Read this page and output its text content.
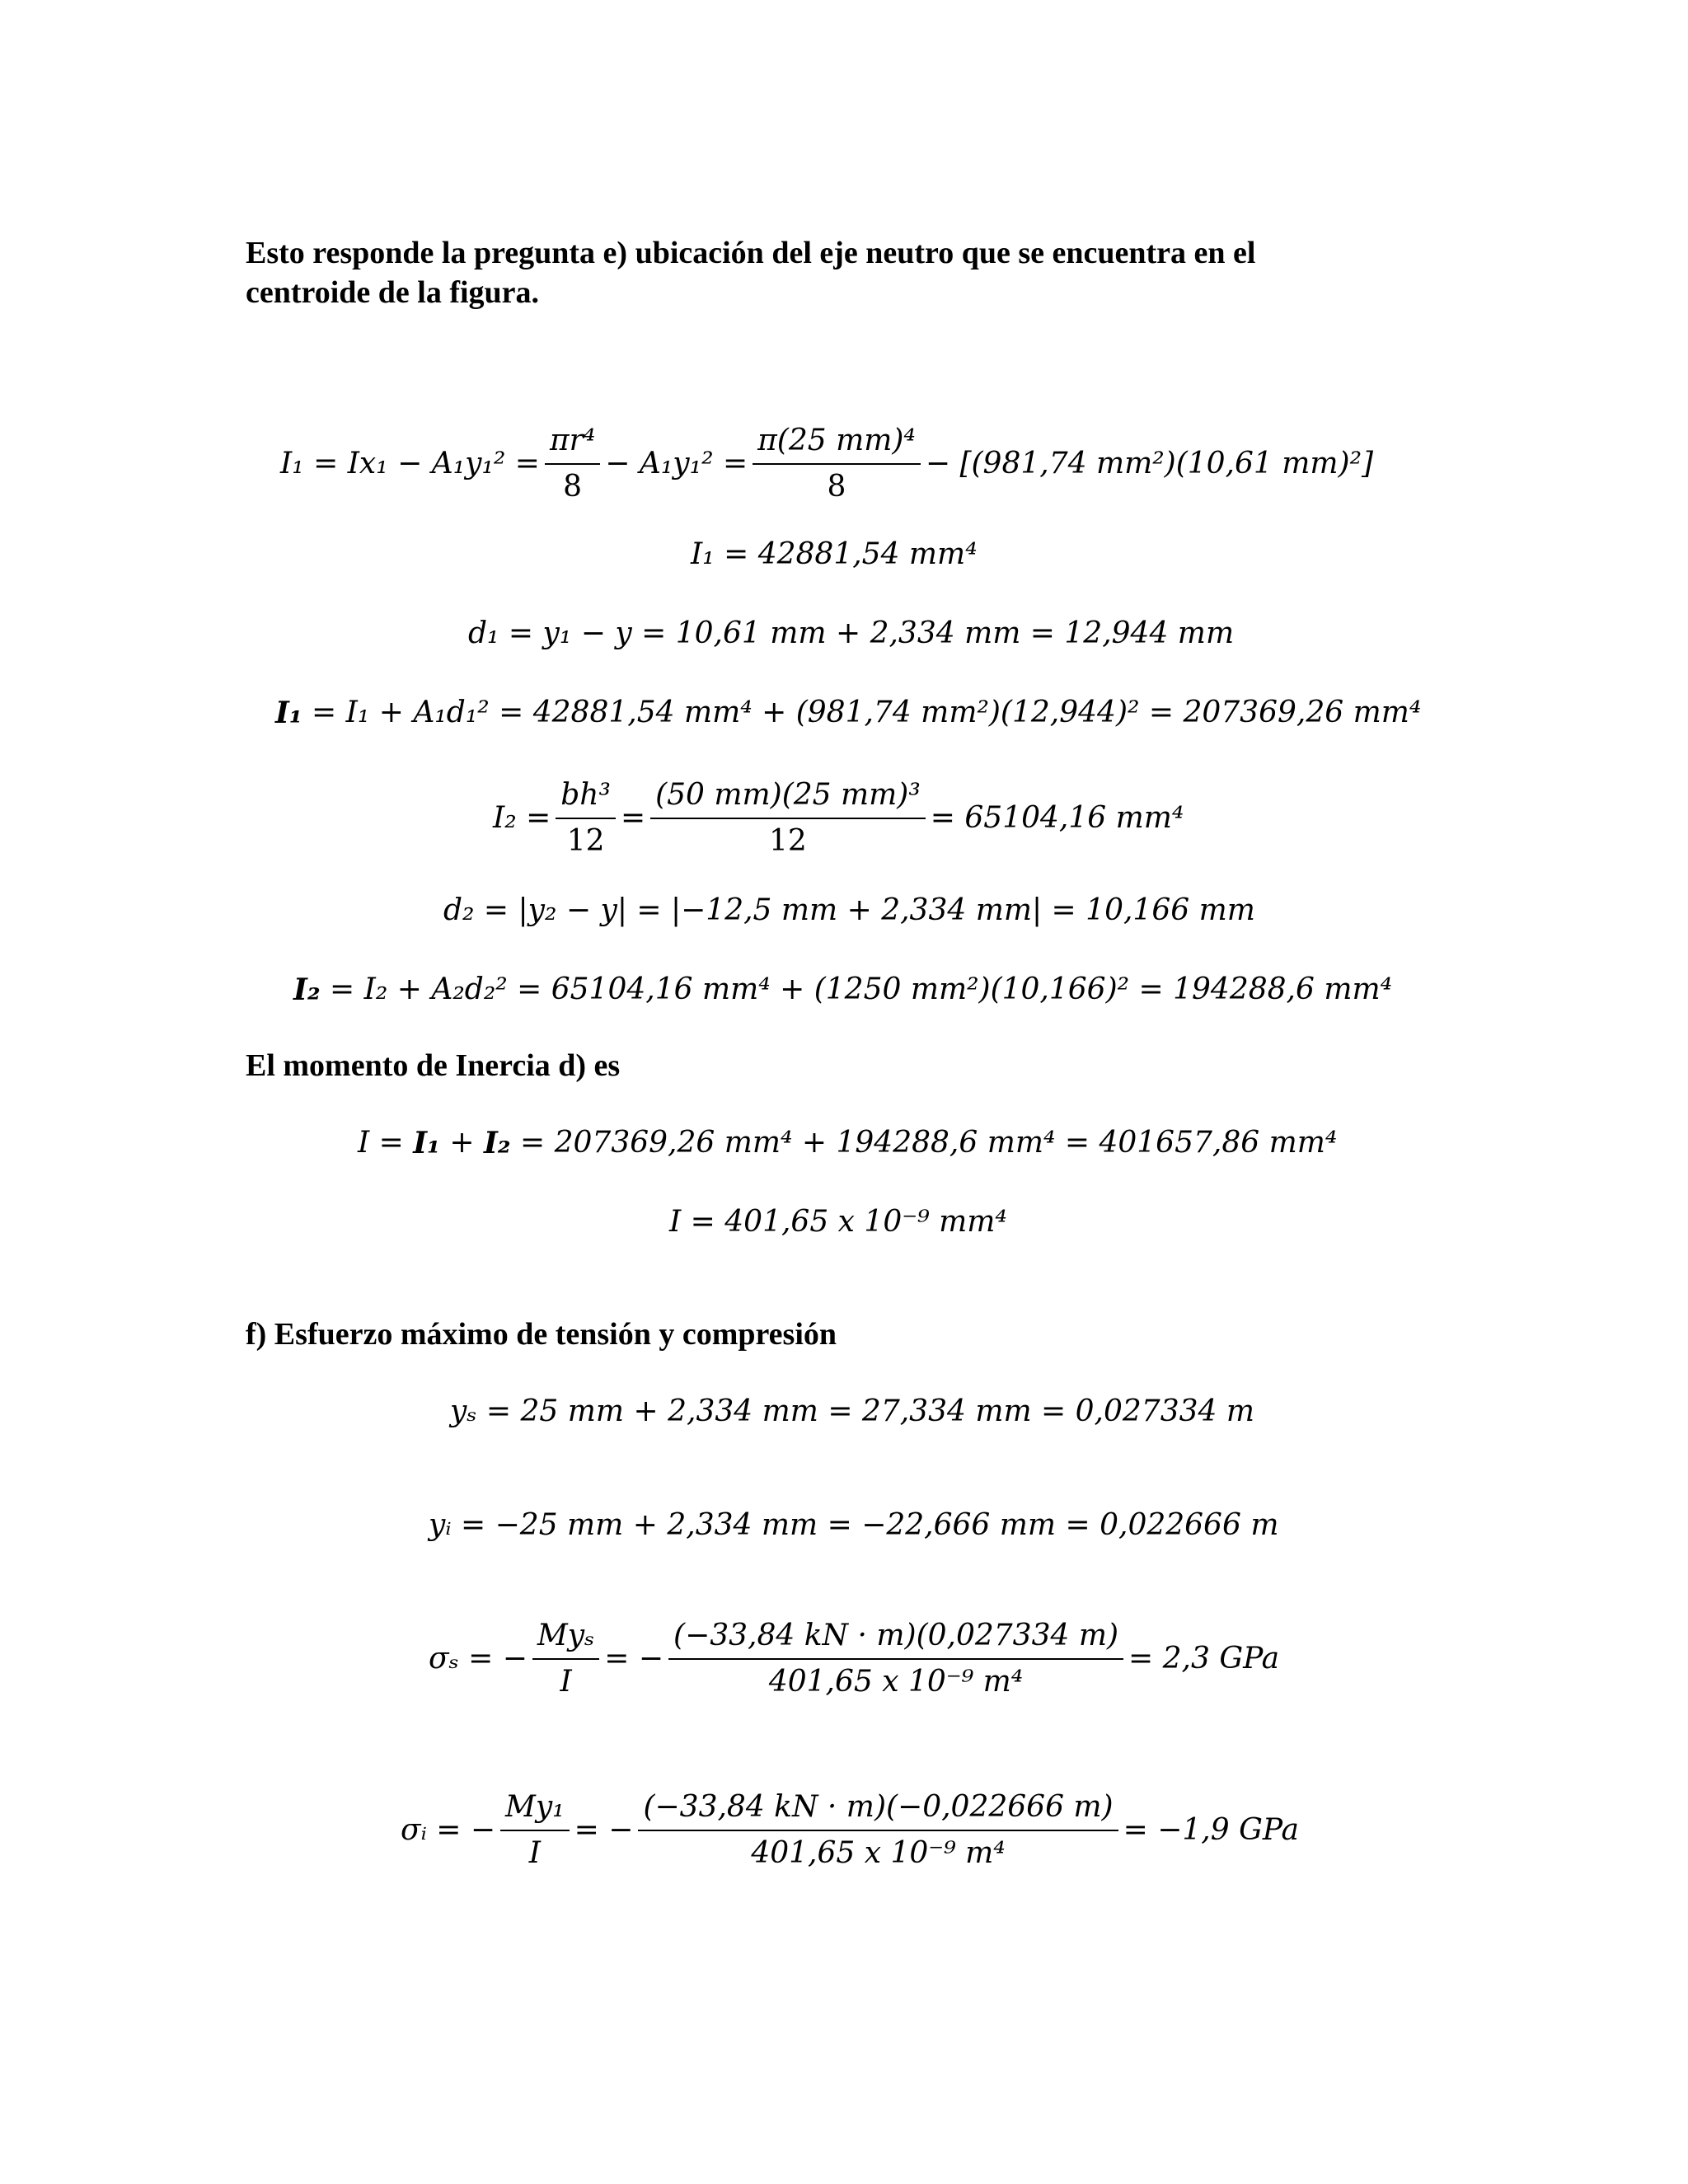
Esto responde la pregunta e) ubicación del eje neutro que se encuentra en el
centroide de la figura.
$I_1 = Ix_1 - A_1y_1^2 = \frac{\text{πr⁴}}{8} - A_1y_1^2 = \frac{\text{π(25 mm)⁴}}{8} - [(981,74$ mm²)(10,61 mm)²]
I₁ = 42881,54 mm⁴
d₁ = y₁ − y = 10,61 mm + 2,334 mm = 12,944 mm
I₁ = I₁ + A₁d₁² = 42881,54 mm⁴ + (981,74 mm²)(12,944)² = 207369,26 mm⁴
$I_2 = \frac{\text{bh³}}{12} = \frac{\text{(50 mm)(25 mm)³}}{12} = 65104,16$ mm⁴
d₂ = |y₂ − y| = |−12,5 mm + 2,334 mm| = 10,166 mm
I₂ = I₂ + A₂d₂² = 65104,16 mm⁴ + (1250 mm²)(10,166)² = 194288,6 mm⁴
El momento de Inercia d) es
I = I₁ + I₂ = 207369,26 mm⁴ + 194288,6 mm⁴ = 401657,86 mm⁴
I = 401,65 x 10⁻⁹ mm⁴
f) Esfuerzo máximo de tensión y compresión
yₛ = 25 mm + 2,334 mm = 27,334 mm = 0,027334 m
yᵢ = −25 mm + 2,334 mm = −22,666 mm = 0,022666 m
σₛ = − $\frac{\text{Myₛ}}{I}$ = − $\frac{(-33,84 kN \cdot m)(0,027334 m)}{\text{401,65 x 10⁻⁹ m⁴}} = 2,3$ GPa
σᵢ = − $\frac{\text{My₁}}{I}$ = − $\frac{(-33,84 kN \cdot m)(-0,022666 m)}{\text{401,65 x 10⁻⁹ m⁴}} = -1,9$ GPa
